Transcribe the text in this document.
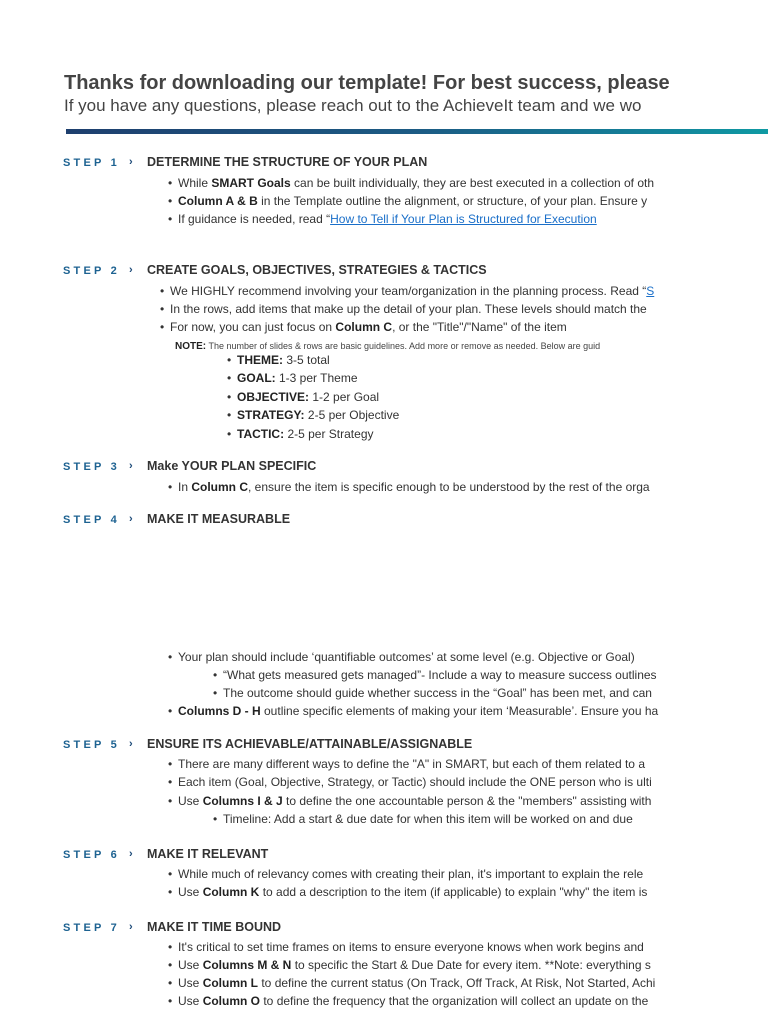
Thanks for downloading our template! For best success, please
If you have any questions, please reach out to the AchieveIt team and we wo
STEP 1 › DETERMINE THE STRUCTURE OF YOUR PLAN
• While SMART Goals can be built individually, they are best executed in a collection of oth
• Column A & B in the Template outline the alignment, or structure, of your plan. Ensure y
• If guidance is needed, read “How to Tell if Your Plan is Structured for Execution
STEP 2 › CREATE GOALS, OBJECTIVES, STRATEGIES & TACTICS
• We HIGHLY recommend involving your team/organization in the planning process. Read “S
• In the rows, add items that make up the detail of your plan. These levels should match the
• For now, you can just focus on Column C, or the "Title"/"Name" of the item
NOTE: The number of slides & rows are basic guidelines. Add more or remove as needed. Below are guid
• THEME: 3-5 total
• GOAL: 1-3 per Theme
• OBJECTIVE: 1-2 per Goal
• STRATEGY: 2-5 per Objective
• TACTIC: 2-5 per Strategy
STEP 3 › Make YOUR PLAN SPECIFIC
• In Column C, ensure the item is specific enough to be understood by the rest of the orga
STEP 4 › MAKE IT MEASURABLE
• Your plan should include ‘quantifiable outcomes’ at some level (e.g. Objective or Goal)
• “What gets measured gets managed”- Include a way to measure success outlines
• The outcome should guide whether success in the “Goal” has been met, and can
• Columns D - H outline specific elements of making your item ‘Measurable’. Ensure you ha
STEP 5 › ENSURE ITS ACHIEVABLE/ATTAINABLE/ASSIGNABLE
• There are many different ways to define the "A" in SMART, but each of them related to a
• Each item (Goal, Objective, Strategy, or Tactic) should include the ONE person who is ulti
• Use Columns I & J to define the one accountable person & the "members" assisting with
• Timeline: Add a start & due date for when this item will be worked on and due
STEP 6 › MAKE IT RELEVANT
• While much of relevancy comes with creating their plan, it's important to explain the rele
• Use Column K to add a description to the item (if applicable) to explain "why" the item is
STEP 7 › MAKE IT TIME BOUND
• It's critical to set time frames on items to ensure everyone knows when work begins and
• Use Columns M & N to specific the Start & Due Date for every item. **Note: everything s
• Use Column L to define the current status (On Track, Off Track, At Risk, Not Started, Achi
• Use Column O to define the frequency that the organization will collect an update on the
